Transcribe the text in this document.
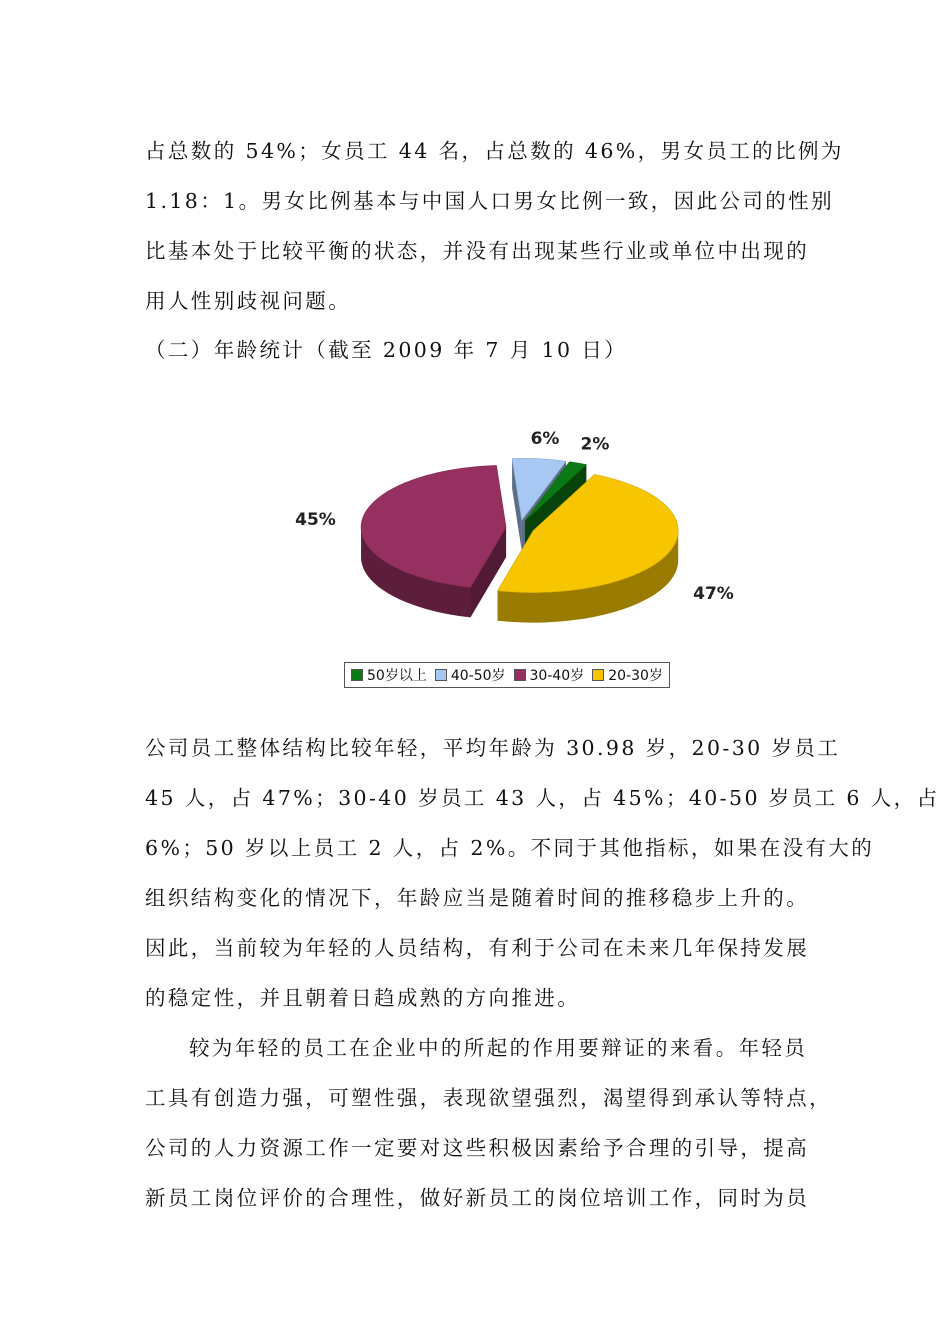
占总数的 54%；女员工 44 名，占总数的 46%，男女员工的比例为

1.18：1。男女比例基本与中国人口男女比例一致，因此公司的性别

比基本处于比较平衡的状态，并没有出现某些行业或单位中出现的

用人性别歧视问题。

（二）年龄统计（截至 2009 年 7 月 10 日）
47%
45%
6% 2%
50岁以上 40-50岁 30-40岁 20-30岁

公司员工整体结构比较年轻，平均年龄为 30.98 岁，20-30 岁员工

45 人，占 47%；30-40 岁员工 43 人，占 45%；40-50 岁员工 6 人，占

6%；50 岁以上员工 2 人，占 2%。不同于其他指标，如果在没有大的

组织结构变化的情况下，年龄应当是随着时间的推移稳步上升的。

因此，当前较为年轻的人员结构，有利于公司在未来几年保持发展

的稳定性，并且朝着日趋成熟的方向推进。

较为年轻的员工在企业中的所起的作用要辩证的来看。年轻员

工具有创造力强，可塑性强，表现欲望强烈，渴望得到承认等特点，

公司的人力资源工作一定要对这些积极因素给予合理的引导，提高

新员工岗位评价的合理性，做好新员工的岗位培训工作，同时为员
